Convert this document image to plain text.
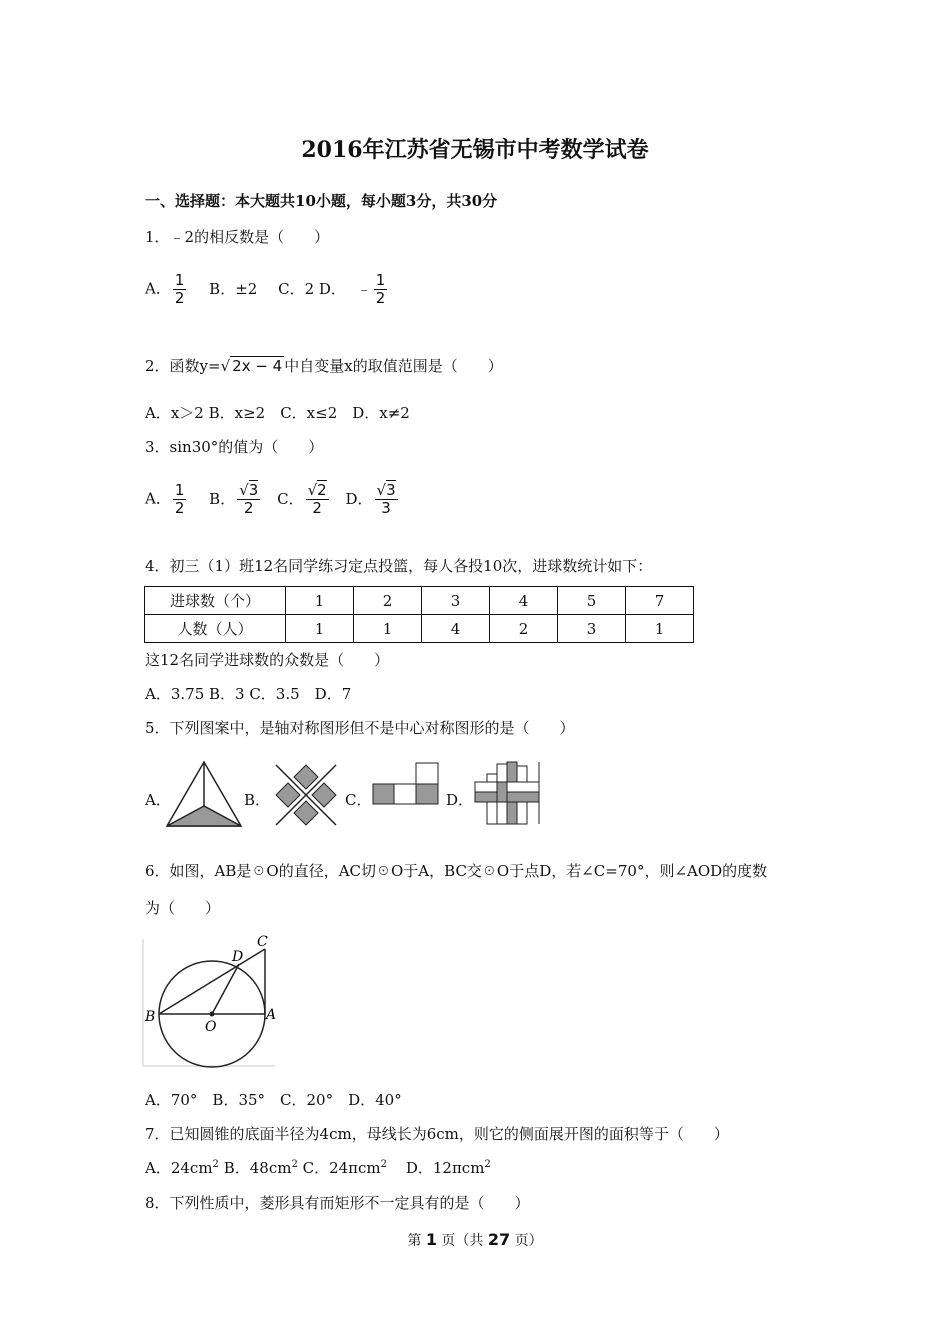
2016年江苏省无锡市中考数学试卷
一、选择题：本大题共10小题，每小题3分，共30分
1．﹣2的相反数是（　　）
A． $\frac{1}{2}$ B．±2 C．2 D． ﹣ $\frac{1}{2}$
2．函数y=√ 2x − 4 中自变量x的取值范围是（　　）
A．x＞2 B．x≥2　C．x≤2　D．x≠2
3．sin30°的值为（　　）
A． $\frac{1}{2}$ B． $\frac{√3}{2}$ C． $\frac{√2}{2}$ D． $\frac{√3}{3}$
4．初三（1）班12名同学练习定点投篮，每人各投10次，进球数统计如下：
进球数（个）	1	2	3	4	5	7
人数（人）	1	1	4	2	3	1
这12名同学进球数的众数是（　　）
A．3.75 B．3 C．3.5　D．7
5．下列图案中，是轴对称图形但不是中心对称图形的是（　　）
A．	B．	C．	D．
6．如图，AB是☉O的直径，AC切☉O于A，BC交☉O于点D，若∠C=70°，则∠AOD的度数
为（　　）
B
O
A
D
C
A．70°　B．35°　C．20°　D．40°
7．已知圆锥的底面半径为4cm，母线长为6cm，则它的侧面展开图的面积等于（　　）
A．$24cm^2$ B．$48cm^2$ C．24πcm$^2$ D．12πcm$^2$
8．下列性质中，菱形具有而矩形不一定具有的是（　　）
第 1 页（共 27 页）
